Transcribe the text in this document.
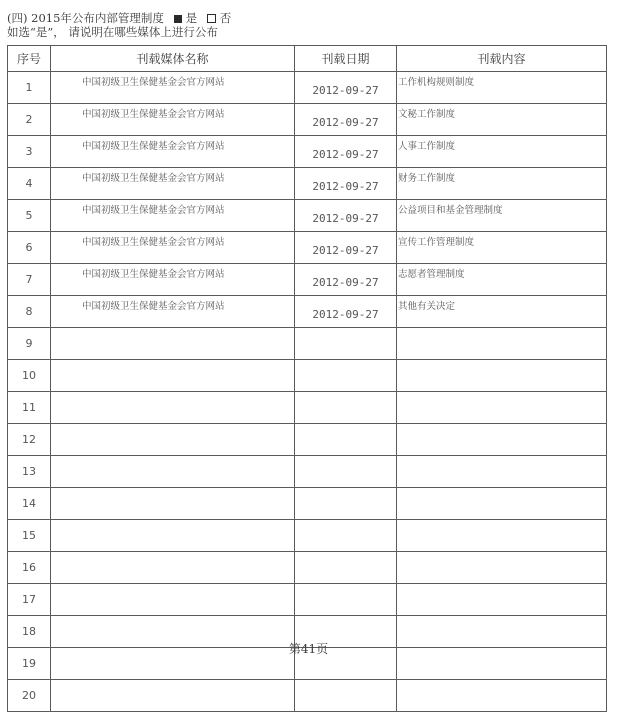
(四) 2015年公布内部管理制度 是 否
如选“是”， 请说明在哪些媒体上进行公布
序号	刊载媒体名称	刊载日期	刊载内容
1	中国初级卫生保健基金会官方网站	2012-09-27	工作机构规则制度
2	中国初级卫生保健基金会官方网站	2012-09-27	文秘工作制度
3	中国初级卫生保健基金会官方网站	2012-09-27	人事工作制度
4	中国初级卫生保健基金会官方网站	2012-09-27	财务工作制度
5	中国初级卫生保健基金会官方网站	2012-09-27	公益项目和基金管理制度
6	中国初级卫生保健基金会官方网站	2012-09-27	宣传工作管理制度
7	中国初级卫生保健基金会官方网站	2012-09-27	志愿者管理制度
8	中国初级卫生保健基金会官方网站	2012-09-27	其他有关决定
9			
10			
11			
12			
13			
14			
15			
16			
17			
18			
19			
20			
第41页
